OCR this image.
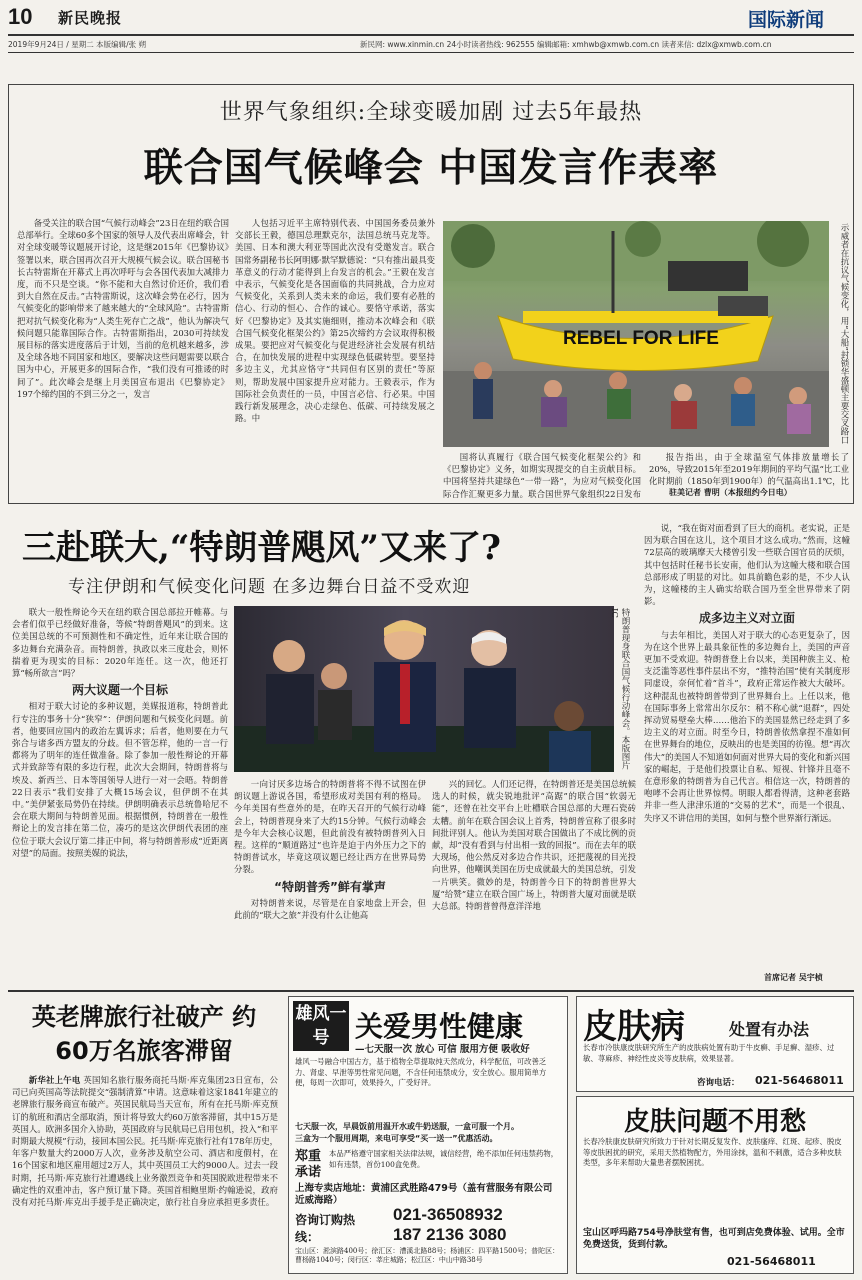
10 新民晚报	国际新闻
2019年9月24日 / 星期二 本版编辑/张 朔	新民网: www.xinmin.cn 24小时读者热线: 962555 编辑邮箱: xmhwb@xmwb.com.cn 读者来信: dzlx@xmwb.com.cn
世界气象组织:全球变暖加剧 过去5年最热
联合国气候峰会 中国发言作表率

备受关注的联合国“气候行动峰会”23日在纽约联合国总部举行。全球60多个国家的领导人及代表出席峰会，针对全球变暖等议题展开讨论，这是继2015年《巴黎协议》签署以来，联合国再次召开大规模气候会议。联合国秘书长古特雷斯在开幕式上再次呼吁与会各国代表加大减排力度，而不只是空谈。“你不能和大自然讨价还价，我们看到大自然在反击。”古特雷斯说，这次峰会势在必行，因为气候变化的影响带来了越来越大的“全球风险”。古特雷斯把对抗气候变化称为“人类生死存亡之战”，他认为解决气候问题只能靠国际合作。古特雷斯指出，2030可持续发展目标的落实进度落后于计划，当前的危机越来越多，涉及全球各地不同国家和地区，要解决这些问题需要以联合国为中心，开展更多的国际合作，“我们没有可推诿的时间了”。此次峰会是继上月美国宣布退出《巴黎协定》197个缔约国的不到三分之一，发言

人包括习近平主席特别代表、中国国务委员兼外交部长王毅，德国总理默克尔，法国总统马克龙等。美国、日本和澳大利亚等国此次没有受邀发言。联合国常务副秘书长阿明娜·默罕默德说：“只有推出最具变革意义的行动才能得到上台发言的机会。”王毅在发言中表示，气候变化是各国面临的共同挑战，合力应对气候变化，关系到人类未来的命运，我们要有必胜的信心、行动的恒心、合作的诚心。要恪守承诺，落实好《巴黎协定》及其实施细则，推动本次峰会和《联合国气候变化框架公约》第25次缔约方会议取得积极成果。要把应对气候变化与促进经济社会发展有机结合，在加快发展的进程中实现绿色低碳转型。要坚持多边主义，尤其应恪守“共同但有区别的责任”等原则，帮助发展中国家提升应对能力。王毅表示，作为国际社会负责任的一员，中国言必信、行必果。中国践行新发展理念，决心走绿色、低碳、可持续发展之路。中

REBEL FOR LIFE	示威者在抗议气候变化，用“大船”封锁华盛顿主要交叉路口

国将认真履行《联合国气候变化框架公约》和《巴黎协定》义务，如期实现提交的自主贡献目标。中国将坚持共建绿色“一带一路”，为应对气候变化国际合作汇聚更多力量。联合国世界气象组织22日发布

报告指出，由于全球温室气体排放量增长了20%，导致2015年至2019年期间的平均气温“比工业化时期前（1850年到1900年）的气温高出1.1℃，比

驻美记者 曹明（本报纽约今日电）
三赴联大,“特朗普飓风”又来了?
专注伊朗和气候变化问题 在多边舞台日益不受欢迎

联大一般性辩论今天在纽约联合国总部拉开帷幕。与会者们似乎已经做好准备，等候“特朗普飓风”的到来。这位美国总统的不可预测性和不确定性，近年来让联合国的多边舞台充满杂音。而特朗普，执政以来三度赴会，则怀揣着更为现实的目标：2020年连任。这一次，他还打算“畅所欲言”吗？

两大议题一个目标

相对于联大讨论的多种议题，美媒报道称，特朗普此行专注的事务十分“狭窄”：伊朗问题和气候变化问题。前者，他要回应国内的政治左翼诉求；后者，他则要在力气弥合与诸多西方盟友的分歧。但不管怎样，他的一言一行都将为了明年的连任做准备。除了参加一般性辩论的开幕式并致辞等有限的多边行程，此次大会期间，特朗普将与埃及、新西兰、日本等国领导人进行一对一会晤。特朗普22日表示“我们安排了大概15场会议，但伊朗不在其中。”美伊紧张局势仍在持续。伊朗明确表示总统鲁哈尼不会在联大期间与特朗普见面。根据惯例，特朗普在一般性辩论上的发言排在第二位，凑巧的是这次伊朗代表团的座位位于联大会议厅第二排正中间，将与特朗普形成“近距离对望”的局面。按照美媒的说法，

特朗普现身联合国气候行动峰会。本版图片 IC

一向讨厌多边场合的特朗普将不得不试图在伊朗议题上游说各国，希望形成对美国有利的格局。今年美国有些意外的是，在昨天召开的气候行动峰会上，特朗普现身来了大约15分钟。气候行动峰会是今年大会核心议题，但此前没有被特朗普列入日程。这样的“顺道路过”也许是迫于内外压力之下的特朗普试水，毕竟这项议题已经让西方在世界局势分裂。

“特朗普秀”鲜有掌声

对特朗普来说，尽管是在自家地盘上开会，但此前的“联大之旅”并没有什么让他高

兴的回忆。人们还记得，在特朗普还是美国总统候选人的时候，就尖锐地批评“高踞”的联合国“软弱无能”，还曾在社交平台上吐槽联合国总部的大理石瓷砖太糟。前年在联合国会议上首秀，特朗普宣称了很多时间批评别人。他认为美国对联合国做出了不成比例的贡献，却“没有看到与付出相一致的回报”。而在去年的联大现场，他公然反对多边合作共识，还把蔑视的目光投向世界，他嘲讽美国在历史成就最大的美国总统，引发一片哄笑。微妙的是，特朗普今日下的特朗普世界大厦“给赞”建立在联合国广场上，特朗普大厦对面就是联大总部。特朗普曾得意洋洋地

说，“我在街对面看到了巨大的商机。老实说，正是因为联合国在这儿，这个项目才这么成功。”然而，这幢72层高的玻璃摩天大楼曾引发一些联合国官员的厌烦，其中包括时任秘书长安南，他们认为这幢大楼和联合国总部形成了明显的对比。如具前瞻色彩的是，不少人认为，这幢楼的主人确实给联合国乃至全世界带来了阴影。

成多边主义对立面

与去年相比，美国人对于联大的心态更复杂了，因为在这个世界上最具象征性的多边舞台上，美国的声音更加不受欢迎。特朗普登上台以来，美国种族主义、枪支泛滥等恶性事件层出不穷，“推特治国”使有关制度形同虚设，奈何忙着“首斗”，政府正常运作被大大破坏。这种混乱也被特朗普带到了世界舞台上。上任以来，他在国际事务上常常出尔反尔：稍不称心就“退群”，四处挥动贸易壁垒大棒……他治下的美国显然已经走到了多边主义的对立面。时至今日，特朗普依然拿捏不准如何在世界舞台的地位，反映出的也是美国的彷徨。想“再次伟大”的美国人不知道如何面对世界大局的变化和新兴国家的崛起，于是他们投票让自私、短视、针锋并且毫不在意形象的特朗普为自己代言。相信这一次，特朗普的咆哮不会再让世界惊愕。明眼人都看得清，这种老套路并非一些人津津乐道的“交易的艺术”，而是一个很乱、失序又不讲信用的美国，如何与整个世界渐行渐远。

首席记者 吴宇桢
英老牌旅行社破产 约60万名旅客滞留

新华社上午电 英国知名旅行服务商托马斯·库克集团23日宣布，公司已向英国高等法院提交“强制清算”申请。这意味着这家1841年建立的老牌旅行服务商宣布破产。英国民航局当天宣布，所有在托马斯·库克预订的航班和酒店全部取消，预计将导致大约60万旅客滞留，其中15万是英国人。欧洲多国介入协助，英国政府与民航局已启用包机，投入“和平时期最大规模”行动，接回本国公民。托马斯·库克旅行社有178年历史，年客户数量大约2000万人次，业务涉及航空公司、酒店和度假村，在16个国家和地区雇用超过2万人，其中英国员工大约9000人。过去一段时期，托马斯·库克旅行社遭遇线上业务激烈竞争和英国脱欧进程带来不确定性的双重冲击，客户预订量下降。英国首相鲍里斯·约翰逊说，政府没有对托马斯·库克出手援手是正确决定，旅行社自身应承担更多责任。

雄风一号 关爱男性健康
—七天服一次 放心 可信 服用方便 吸收好
雄风一号融合中国古方，基于植物全草提取纯天然成分，科学配伍，可改善乏力、肾虚、早泄等男性常见问题，不含任何违禁成分，安全放心。服用简单方便，每周一次即可，效果持久，广受好评。
七天服一次，早晨饭前用温开水或牛奶送服，一盒可服一个月。
三盒为一个服用周期，来电可享受“买一送一”优惠活动。
郑重承诺
本品严格遵守国家相关法律法规，诚信经营，绝不添加任何违禁药物，如有违禁，首份100盒免费。
上海专卖店地址：黄浦区武胜路479号（盖有营服务有限公司 近威海路）
咨询订购热线：
021-36508932
187 2136 3080
宝山区：淞滨路400号；徐汇区：漕溪北路88号；杨浦区：四平路1500号；普陀区：曹杨路1040号；闵行区：莘庄城路；松江区：中山中路38号
皮肤病	处置有办法
长春市冷肤康皮肤研究所生产的皮肤病处置有助于牛皮癣、手足癣、湿疹、过敏、荨麻疹、神经性皮炎等皮肤病，效果显著。
咨询电话： 021-56468011
皮肤问题不用愁
长春冷肤康皮肤研究所致力于针对长期反复发作、皮肤瘙痒、红斑、起疹、脱皮等皮肤困扰的研究，采用天然植物配方，外用涂抹，温和不刺激，适合多种皮肤类型，多年来帮助大量患者摆脱困扰。
宝山区呼玛路754号净肤堂有售，也可到店免费体验、试用。全市免费送货，货到付款。
021-56468011
